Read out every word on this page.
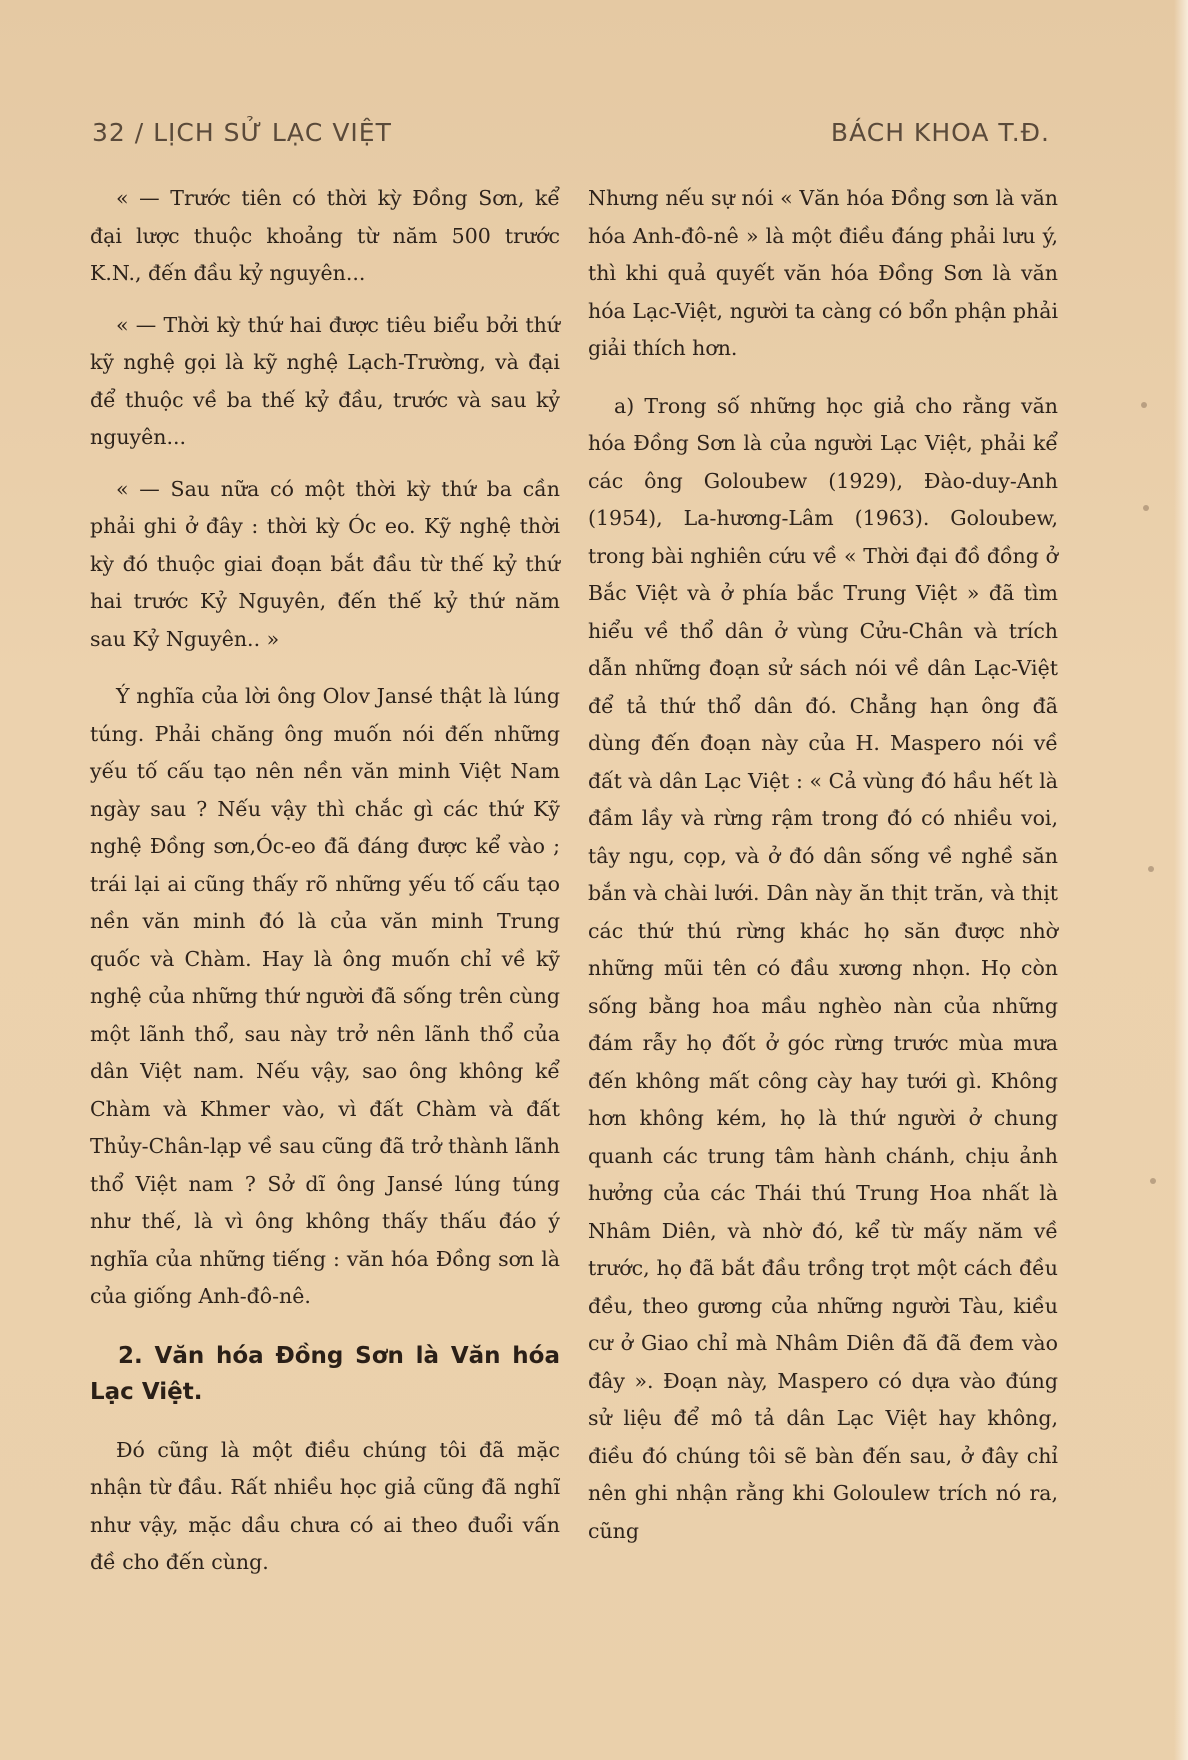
32 / LỊCH SỬ LẠC VIỆT	BÁCH KHOA T.Đ.

« — Trước tiên có thời kỳ Đồng Sơn, kể đại lược thuộc khoảng từ năm 500 trước K.N., đến đầu kỷ nguyên...

« — Thời kỳ thứ hai được tiêu biểu bởi thứ kỹ nghệ gọi là kỹ nghệ Lạch-Trường, và đại để thuộc về ba thế kỷ đầu, trước và sau kỷ nguyên...

« — Sau nữa có một thời kỳ thứ ba cần phải ghi ở đây : thời kỳ Óc eo. Kỹ nghệ thời kỳ đó thuộc giai đoạn bắt đầu từ thế kỷ thứ hai trước Kỷ Nguyên, đến thế kỷ thứ năm sau Kỷ Nguyên.. »

Ý nghĩa của lời ông Olov Jansé thật là lúng túng. Phải chăng ông muốn nói đến những yếu tố cấu tạo nên nền văn minh Việt Nam ngày sau ? Nếu vậy thì chắc gì các thứ Kỹ nghệ Đồng sơn,Óc-eo đã đáng được kể vào ; trái lại ai cũng thấy rõ những yếu tố cấu tạo nền văn minh đó là của văn minh Trung quốc và Chàm. Hay là ông muốn chỉ về kỹ nghệ của những thứ người đã sống trên cùng một lãnh thổ, sau này trở nên lãnh thổ của dân Việt nam. Nếu vậy, sao ông không kể Chàm và Khmer vào, vì đất Chàm và đất Thủy-Chân-lạp về sau cũng đã trở thành lãnh thổ Việt nam ? Sở dĩ ông Jansé lúng túng như thế, là vì ông không thấy thấu đáo ý nghĩa của những tiếng : văn hóa Đồng sơn là của giống Anh-đô-nê.

2. Văn hóa Đồng Sơn là Văn hóa Lạc Việt.

Đó cũng là một điều chúng tôi đã mặc nhận từ đầu. Rất nhiều học giả cũng đã nghĩ như vậy, mặc dầu chưa có ai theo đuổi vấn đề cho đến cùng.

Nhưng nếu sự nói « Văn hóa Đồng sơn là văn hóa Anh-đô-nê » là một điều đáng phải lưu ý, thì khi quả quyết văn hóa Đồng Sơn là văn hóa Lạc-Việt, người ta càng có bổn phận phải giải thích hơn.

a) Trong số những học giả cho rằng văn hóa Đồng Sơn là của người Lạc Việt, phải kể các ông Goloubew (1929), Đào-duy-Anh (1954), La-hương-Lâm (1963). Goloubew, trong bài nghiên cứu về « Thời đại đồ đồng ở Bắc Việt và ở phía bắc Trung Việt » đã tìm hiểu về thổ dân ở vùng Cửu-Chân và trích dẫn những đoạn sử sách nói về dân Lạc-Việt để tả thứ thổ dân đó. Chẳng hạn ông đã dùng đến đoạn này của H. Maspero nói về đất và dân Lạc Việt : « Cả vùng đó hầu hết là đầm lầy và rừng rậm trong đó có nhiều voi, tây ngu, cọp, và ở đó dân sống về nghề săn bắn và chài lưới. Dân này ăn thịt trăn, và thịt các thứ thú rừng khác họ săn được nhờ những mũi tên có đầu xương nhọn. Họ còn sống bằng hoa mầu nghèo nàn của những đám rẫy họ đốt ở góc rừng trước mùa mưa đến không mất công cày hay tưới gì. Không hơn không kém, họ là thứ người ở chung quanh các trung tâm hành chánh, chịu ảnh hưởng của các Thái thú Trung Hoa nhất là Nhâm Diên, và nhờ đó, kể từ mấy năm về trước, họ đã bắt đầu trồng trọt một cách đều đều, theo gương của những người Tàu, kiều cư ở Giao chỉ mà Nhâm Diên đã đã đem vào đây ». Đoạn này, Maspero có dựa vào đúng sử liệu để mô tả dân Lạc Việt hay không, điều đó chúng tôi sẽ bàn đến sau, ở đây chỉ nên ghi nhận rằng khi Goloulew trích nó ra, cũng
